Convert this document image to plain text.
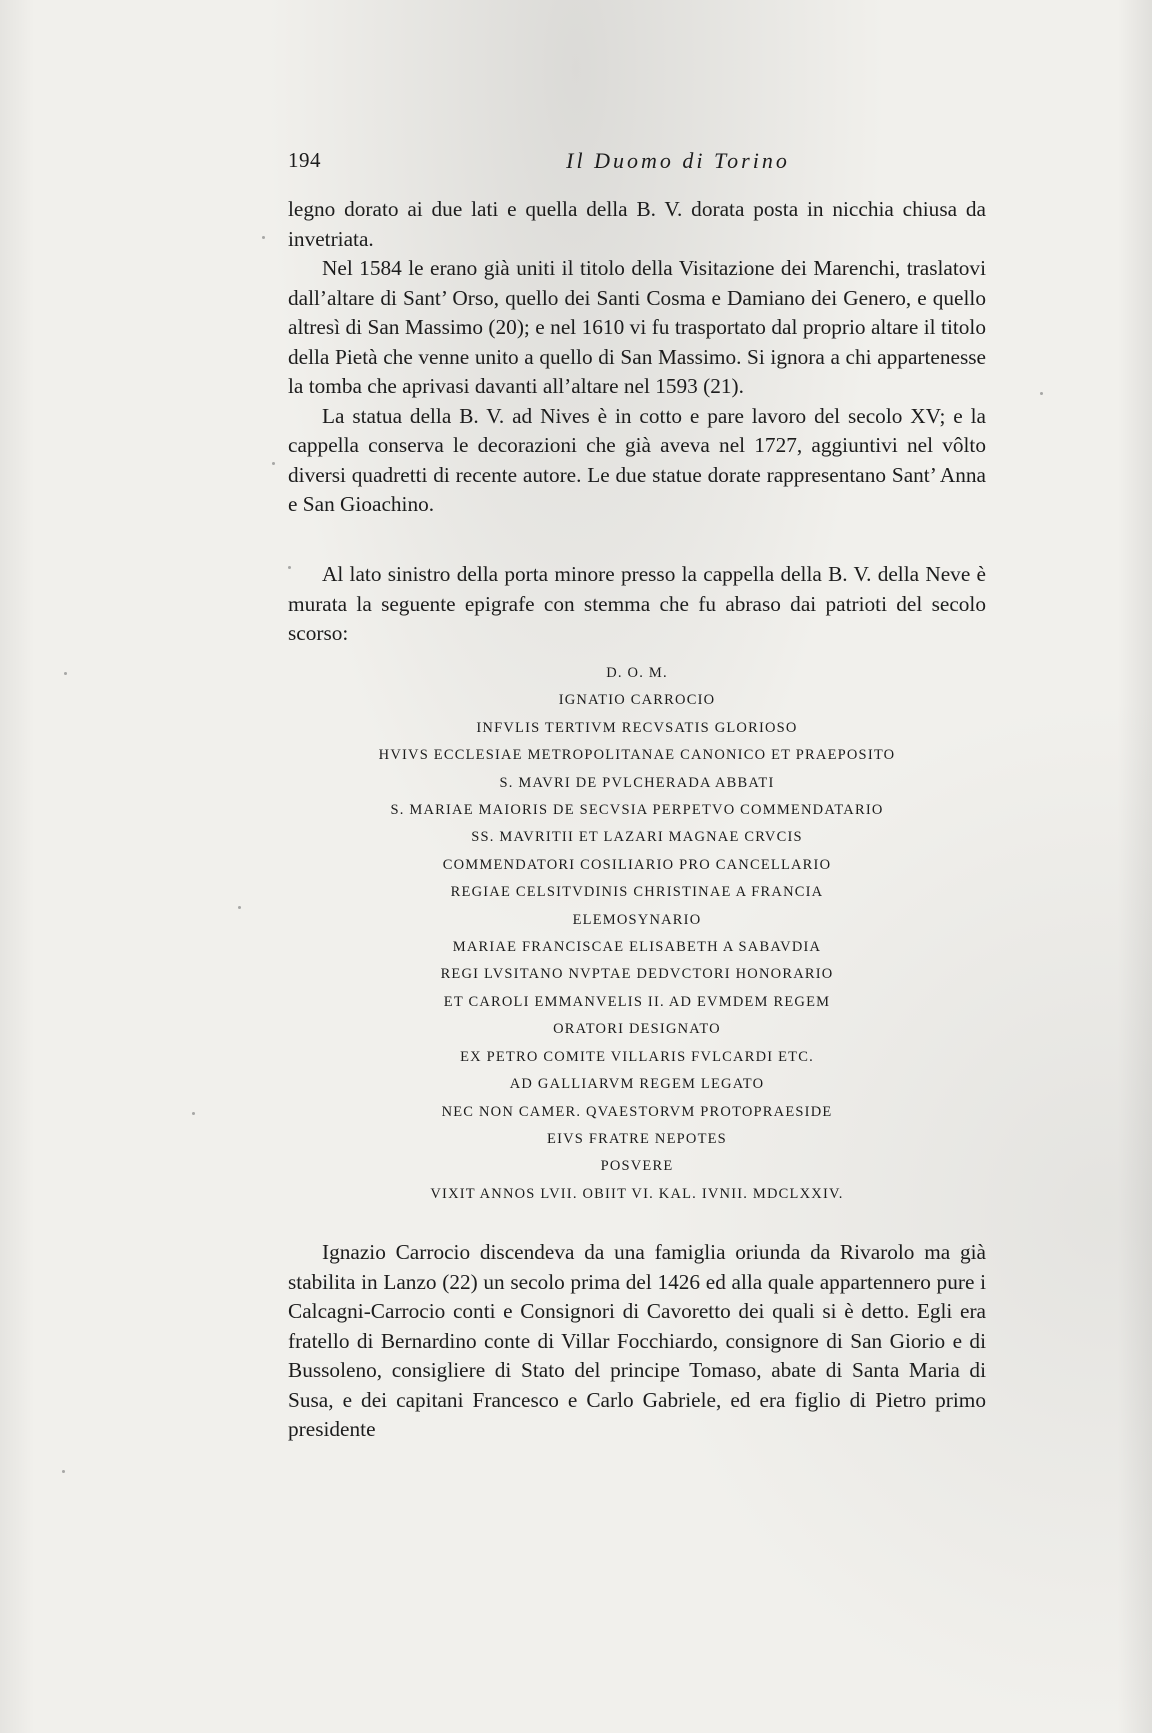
194	Il Duomo di Torino

legno dorato ai due lati e quella della B. V. dorata posta in nicchia chiusa da invetriata.

Nel 1584 le erano già uniti il titolo della Visitazione dei Marenchi, traslatovi dall’altare di Sant’ Orso, quello dei Santi Cosma e Damiano dei Genero, e quello altresì di San Massimo (20); e nel 1610 vi fu trasportato dal proprio altare il titolo della Pietà che venne unito a quello di San Massimo. Si ignora a chi appartenesse la tomba che aprivasi davanti all’altare nel 1593 (21).

La statua della B. V. ad Nives è in cotto e pare lavoro del secolo XV; e la cappella conserva le decorazioni che già aveva nel 1727, aggiuntivi nel vôlto diversi quadretti di recente autore. Le due statue dorate rappresentano Sant’ Anna e San Gioachino.

Al lato sinistro della porta minore presso la cappella della B. V. della Neve è murata la seguente epigrafe con stemma che fu abraso dai patrioti del secolo scorso:

D. O. M.
IGNATIO CARROCIO
INFVLIS TERTIVM RECVSATIS GLORIOSO
HVIVS ECCLESIAE METROPOLITANAE CANONICO ET PRAEPOSITO
S. MAVRI DE PVLCHERADA ABBATI
S. MARIAE MAIORIS DE SECVSIA PERPETVO COMMENDATARIO
SS. MAVRITII ET LAZARI MAGNAE CRVCIS
COMMENDATORI COSILIARIO PRO CANCELLARIO
REGIAE CELSITVDINIS CHRISTINAE A FRANCIA
ELEMOSYNARIO
MARIAE FRANCISCAE ELISABETH A SABAVDIA
REGI LVSITANO NVPTAE DEDVCTORI HONORARIO
ET CAROLI EMMANVELIS II. AD EVMDEM REGEM
ORATORI DESIGNATO
EX PETRO COMITE VILLARIS FVLCARDI ETC.
AD GALLIARVM REGEM LEGATO
NEC NON CAMER. QVAESTORVM PROTOPRAESIDE
EIVS FRATRE NEPOTES
POSVERE
VIXIT ANNOS LVII. OBIIT VI. KAL. IVNII. MDCLXXIV.

Ignazio Carrocio discendeva da una famiglia oriunda da Rivarolo ma già stabilita in Lanzo (22) un secolo prima del 1426 ed alla quale appartennero pure i Calcagni-Carrocio conti e Consignori di Cavoretto dei quali si è detto. Egli era fratello di Bernardino conte di Villar Focchiardo, consignore di San Giorio e di Bussoleno, consigliere di Stato del principe Tomaso, abate di Santa Maria di Susa, e dei capitani Francesco e Carlo Gabriele, ed era figlio di Pietro primo presidente
